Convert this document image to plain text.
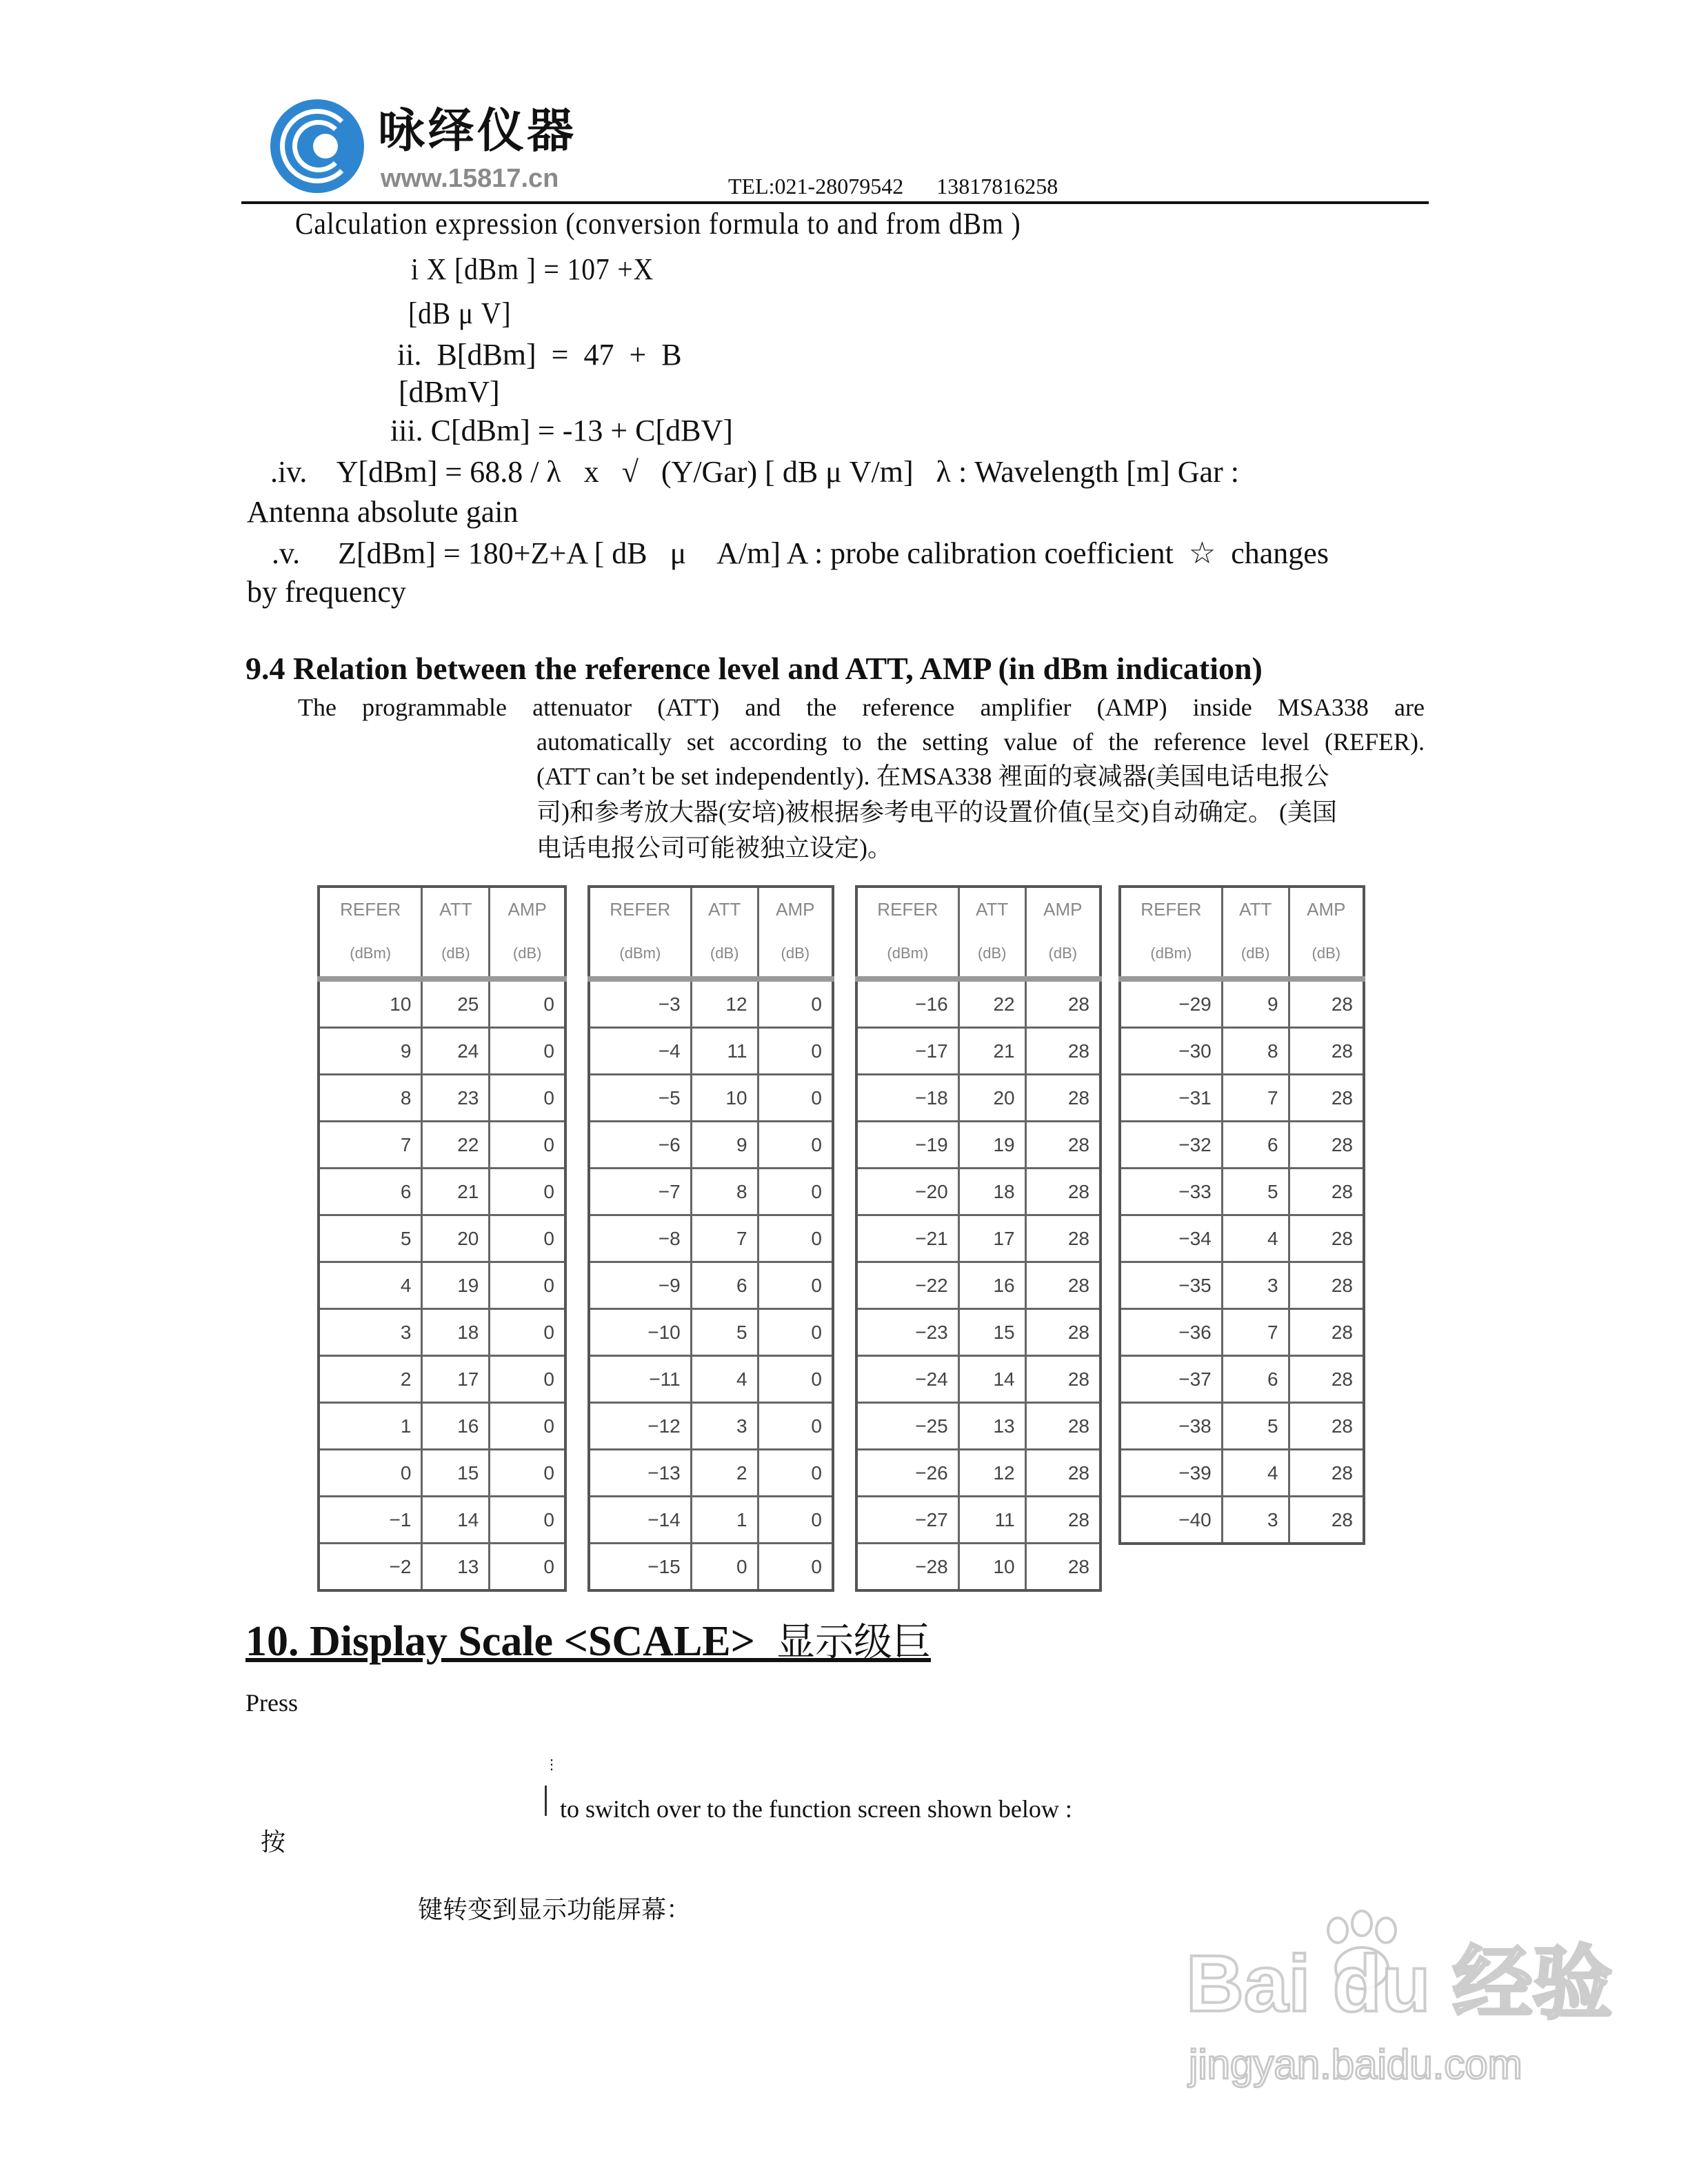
咏绎仪器
www.15817.cn	TEL:021-28079542      13817816258
Calculation expression (conversion formula to and from dBm )
i X [dBm ] = 107 +X
[dB μ V]
ii.  B[dBm]  =  47  +  B
[dBmV]
iii. C[dBm] = -13 + C[dBV]
.iv.    Y[dBm] = 68.8 / λ   x   √   (Y/Gar) [ dB μ V/m]   λ : Wavelength [m] Gar :
Antenna absolute gain
.v.     Z[dBm] = 180+Z+A [ dB   μ    A/m] A : probe calibration coefficient  ☆  changes
by frequency
9.4 Relation between the reference level and ATT, AMP (in dBm indication)
The programmable attenuator (ATT) and the reference amplifier (AMP) inside MSA338 are
automatically set according to the setting value of the reference level (REFER).
(ATT can’t be set independently). 在MSA338 裡面的衰减器(美国电话电报公
司)和参考放大器(安培)被根据参考电平的设置价值(呈交)自动确定。 (美国
电话电报公司可能被独立设定)。
REFER	ATT	AMP
(dBm)	(dB)	(dB)
10	25	0
9	24	0
8	23	0
7	22	0
6	21	0
5	20	0
4	19	0
3	18	0
2	17	0
1	16	0
0	15	0
−1	14	0
−2	13	0
REFER	ATT	AMP
(dBm)	(dB)	(dB)
−3	12	0
−4	11	0
−5	10	0
−6	9	0
−7	8	0
−8	7	0
−9	6	0
−10	5	0
−11	4	0
−12	3	0
−13	2	0
−14	1	0
−15	0	0
REFER	ATT	AMP
(dBm)	(dB)	(dB)
−16	22	28
−17	21	28
−18	20	28
−19	19	28
−20	18	28
−21	17	28
−22	16	28
−23	15	28
−24	14	28
−25	13	28
−26	12	28
−27	11	28
−28	10	28
REFER	ATT	AMP
(dBm)	(dB)	(dB)
−29	9	28
−30	8	28
−31	7	28
−32	6	28
−33	5	28
−34	4	28
−35	3	28
−36	7	28
−37	6	28
−38	5	28
−39	4	28
−40	3	28
10. Display Scale <SCALE> 显示级巨
Press
⋮
to switch over to the function screen shown below :
按
键转变到显示功能屏幕：
Bai du 经验
jingyan.baidu.com
